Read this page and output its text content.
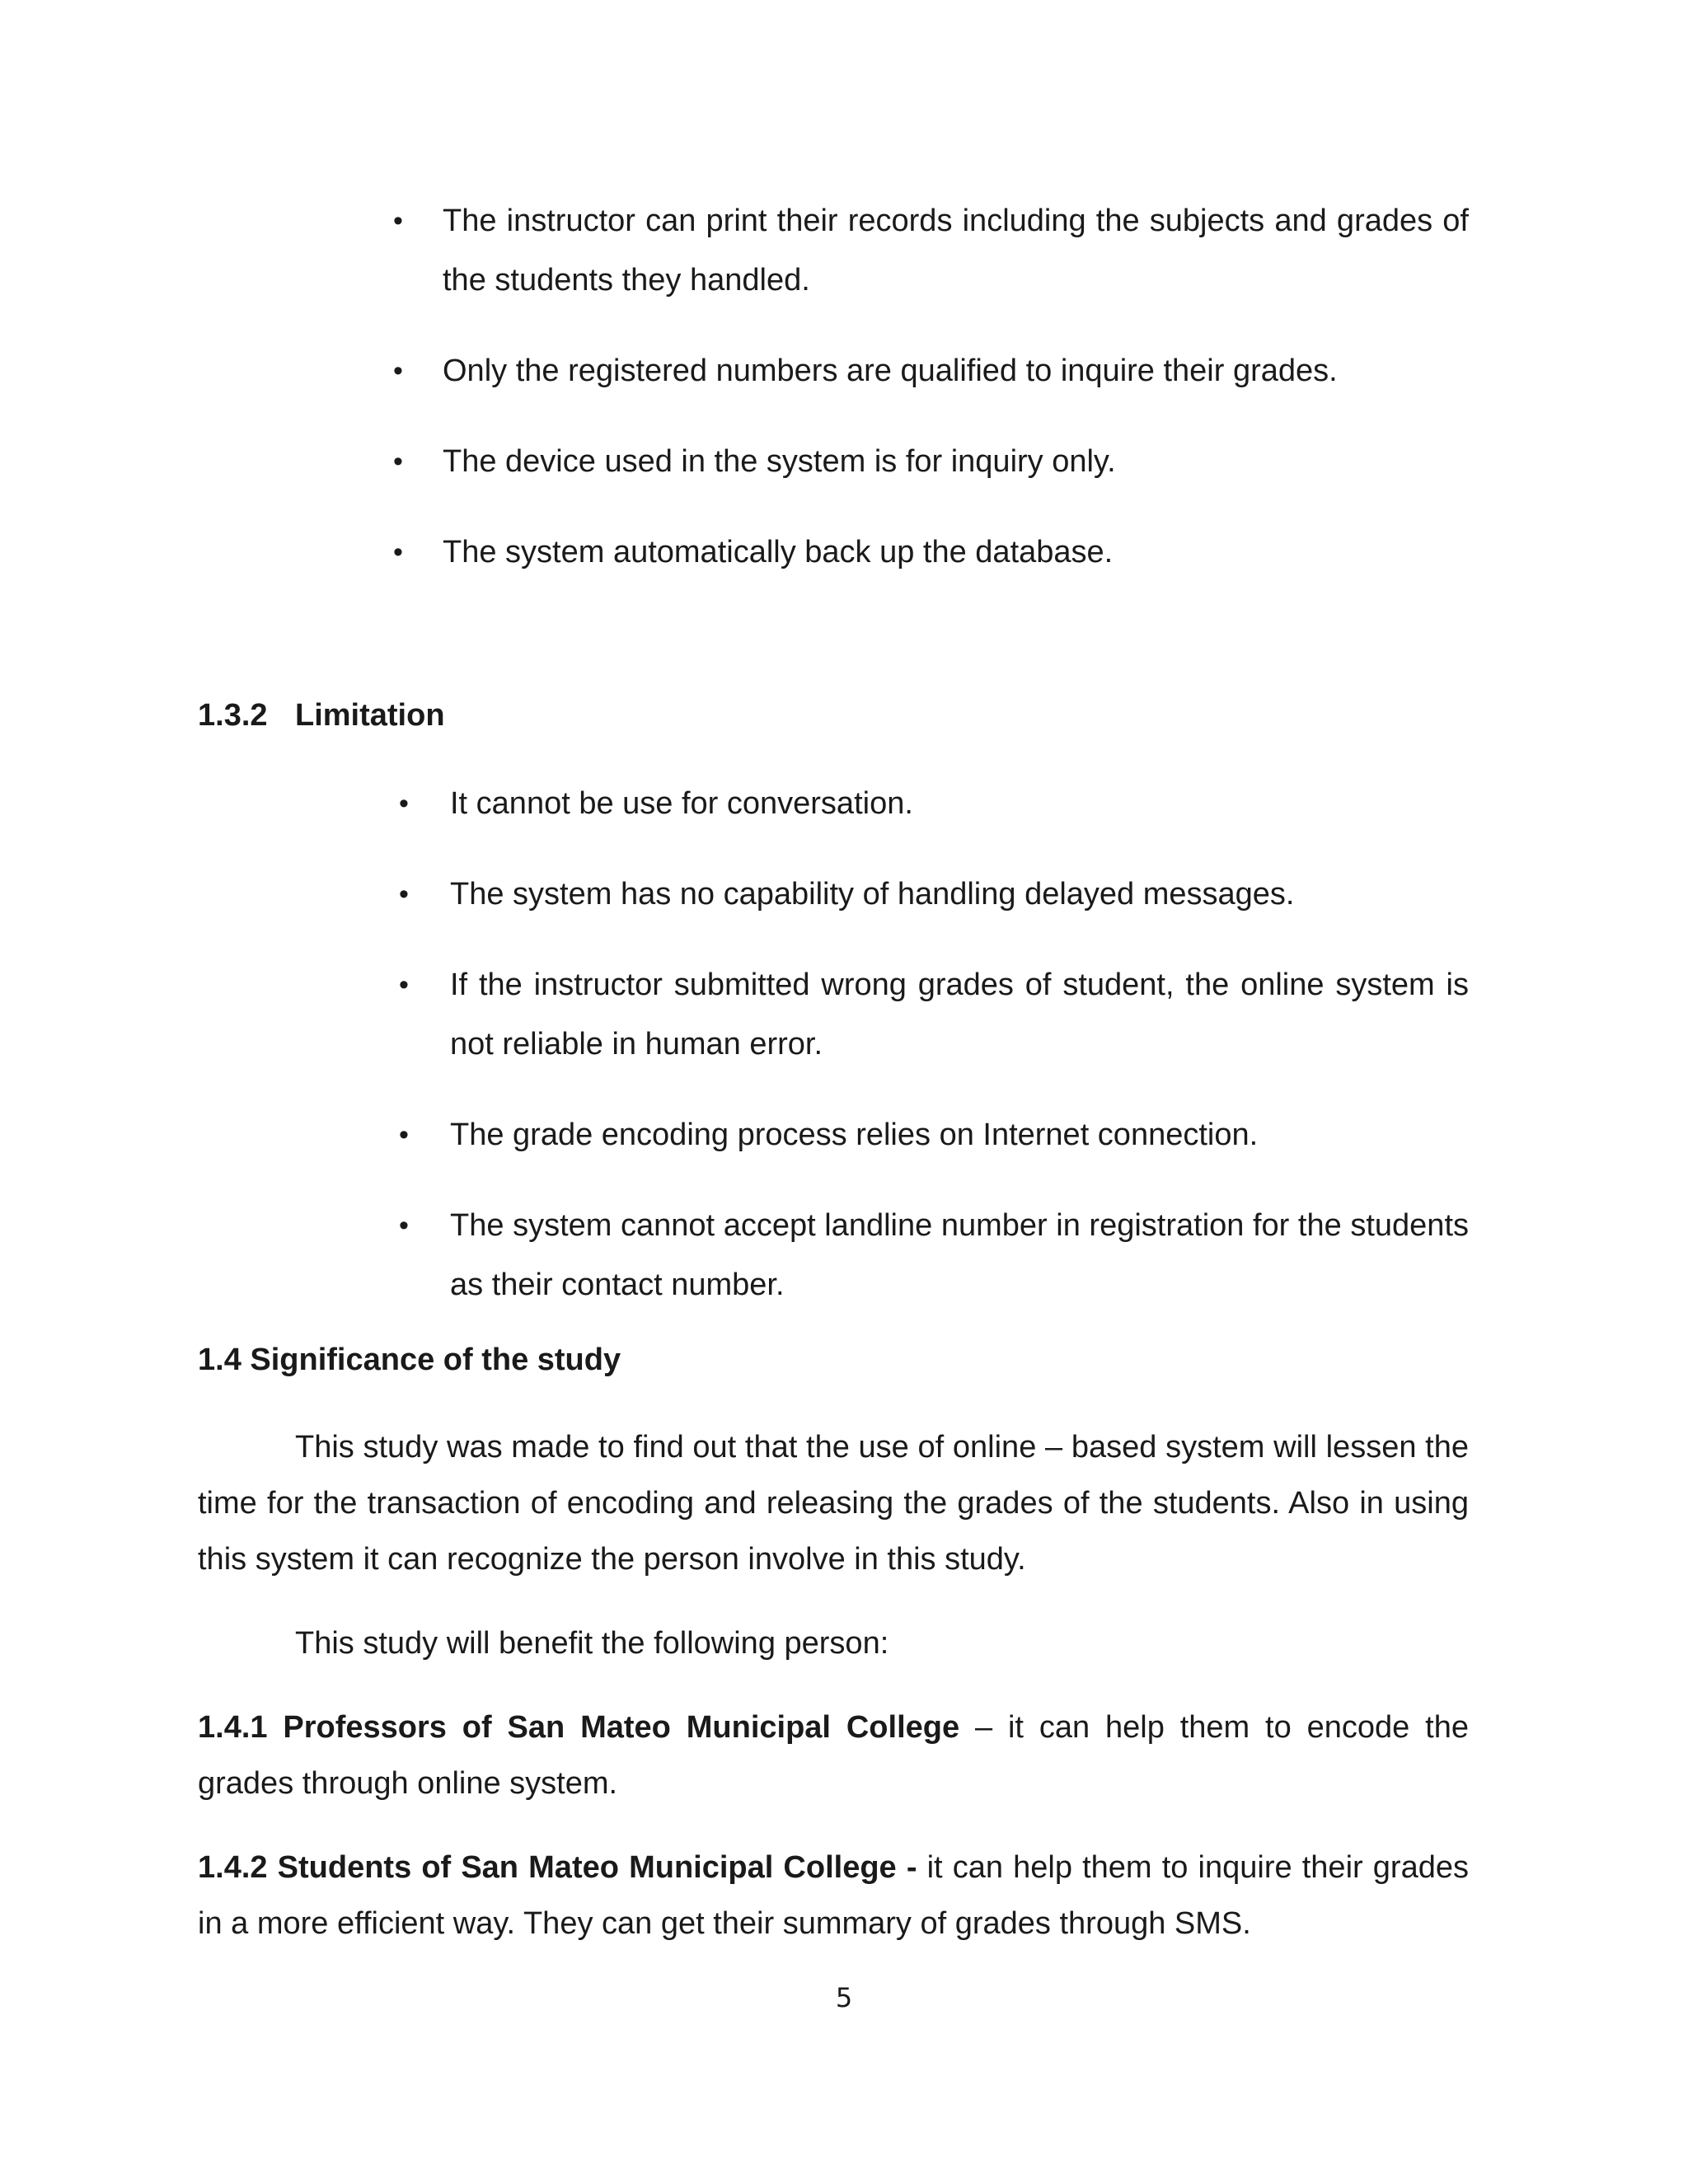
• The instructor can print their records including the subjects and grades of the students they handled.
• Only the registered numbers are qualified to inquire their grades.
• The device used in the system is for inquiry only.
• The system automatically back up the database.
1.3.2 Limitation
• It cannot be use for conversation.
• The system has no capability of handling delayed messages.
• If the instructor submitted wrong grades of student, the online system is not reliable in human error.
• The grade encoding process relies on Internet connection.
• The system cannot accept landline number in registration for the students as their contact number.
1.4 Significance of the study

This study was made to find out that the use of online – based system will lessen the time for the transaction of encoding and releasing the grades of the students. Also in using this system it can recognize the person involve in this study.

This study will benefit the following person:

1.4.1 Professors of San Mateo Municipal College – it can help them to encode the grades through online system.

1.4.2 Students of San Mateo Municipal College - it can help them to inquire their grades in a more efficient way. They can get their summary of grades through SMS.

5
